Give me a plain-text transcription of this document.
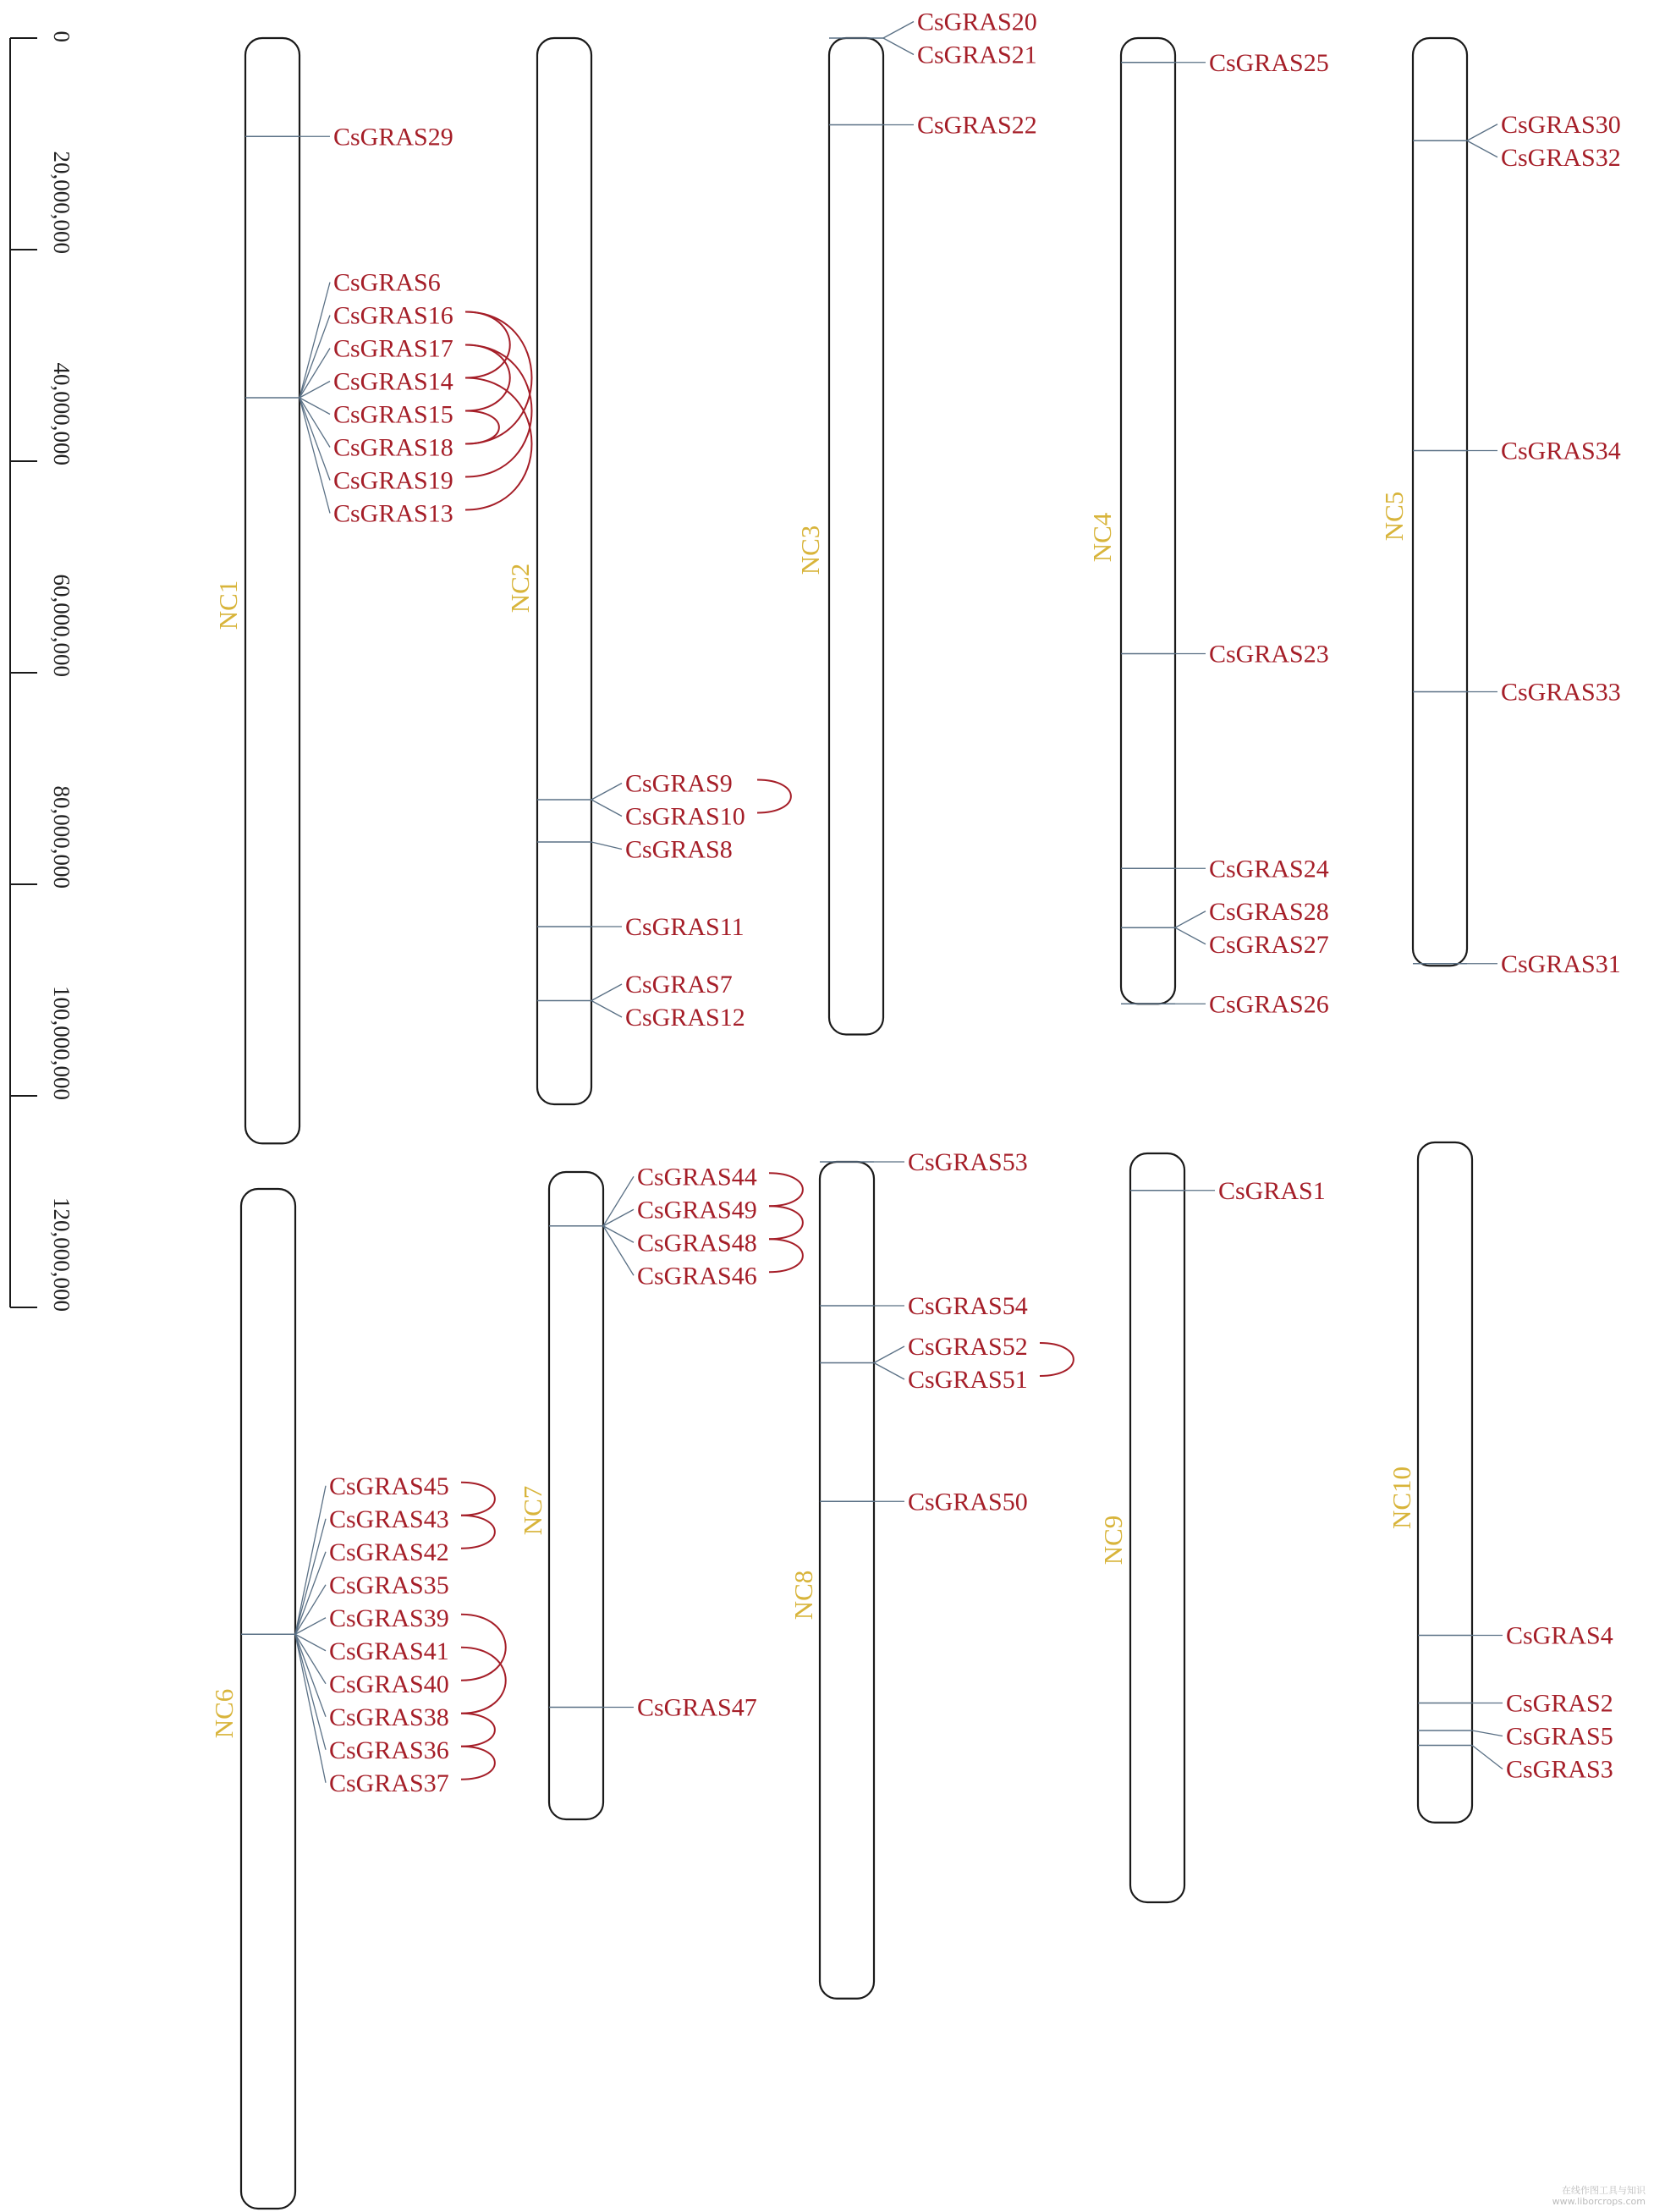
0
20,000,000
40,000,000
60,000,000
80,000,000
100,000,000
120,000,000
NC1
CsGRAS29
CsGRAS6
CsGRAS16
CsGRAS17
CsGRAS14
CsGRAS15
CsGRAS18
CsGRAS19
CsGRAS13
NC2
CsGRAS9
CsGRAS10
CsGRAS8
CsGRAS11
CsGRAS7
CsGRAS12
NC3
CsGRAS20
CsGRAS21
CsGRAS22
NC4
CsGRAS25
CsGRAS23
CsGRAS24
CsGRAS28
CsGRAS27
CsGRAS26
NC5
CsGRAS30
CsGRAS32
CsGRAS34
CsGRAS33
CsGRAS31
NC6
CsGRAS45
CsGRAS43
CsGRAS42
CsGRAS35
CsGRAS39
CsGRAS41
CsGRAS40
CsGRAS38
CsGRAS36
CsGRAS37
NC7
CsGRAS44
CsGRAS49
CsGRAS48
CsGRAS46
CsGRAS47
NC8
CsGRAS53
CsGRAS54
CsGRAS52
CsGRAS51
CsGRAS50
NC9
CsGRAS1
NC10
CsGRAS4
CsGRAS2
CsGRAS5
CsGRAS3
在线作图工具与知识
www.liborcrops.com
